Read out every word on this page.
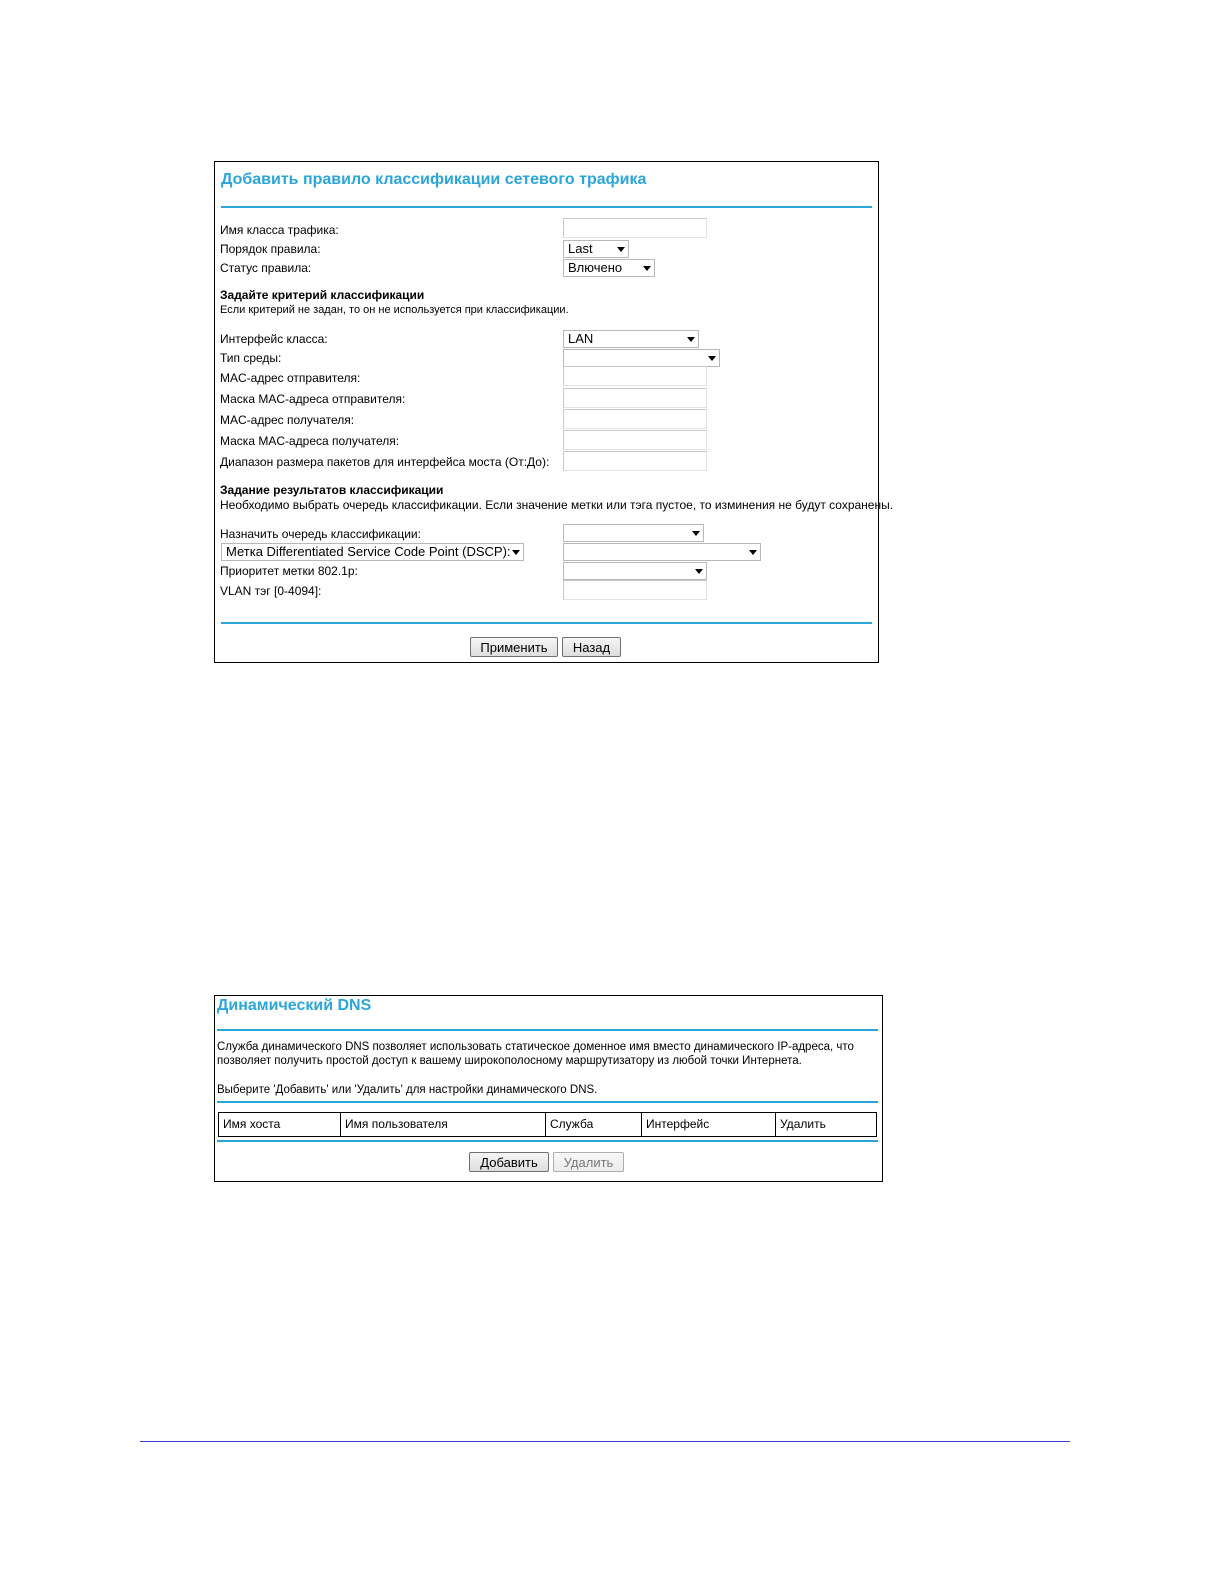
Добавить правило классификации сетевого трафика
Имя класса трафика:
Порядок правила:	Last
Статус правила:	Влючено
Задайте критерий классификации
Если критерий не задан, то он не используется при классификации.
Интерфейс класса:	LAN
Тип среды:
MAC-адрес отправителя:
Маска MAC-адреса отправителя:
MAC-адрес получателя:
Маска MAC-адреса получателя:
Диапазон размера пакетов для интерфейса моста (От:До):
Задание результатов классификации
Необходимо выбрать очередь классификации. Если значение метки или тэга пустое, то изминения не будут сохранены.
Назначить очередь классификации:
Метка Differentiated Service Code Point (DSCP):
Приоритет метки 802.1p:
VLAN тэг [0-4094]:
Применить	Назад
Динамический DNS
Служба динамического DNS позволяет использовать статическое доменное имя вместо динамического IP-адреса, что
позволяет получить простой доступ к вашему широкополосному маршрутизатору из любой точки Интернета.
Выберите 'Добавить' или 'Удалить' для настройки динамического DNS.
Имя хоста	Имя пользователя	Служба	Интерфейс	Удалить
Добавить	Удалить
